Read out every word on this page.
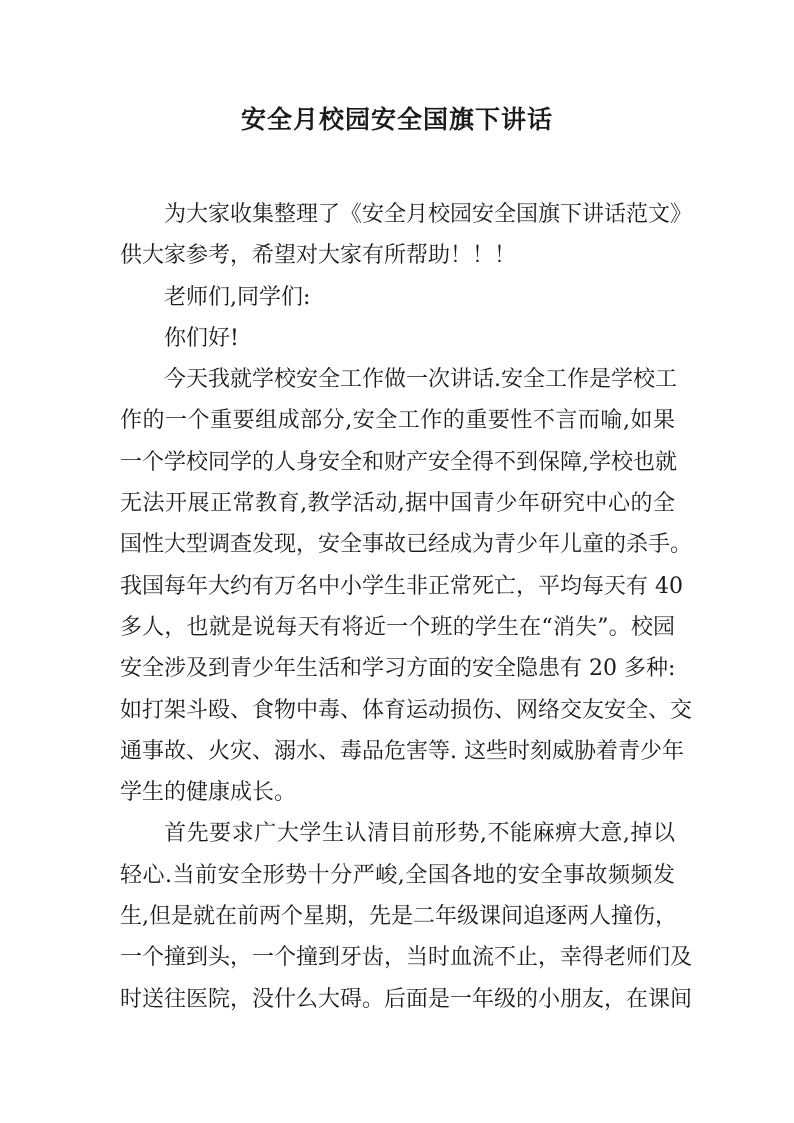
安全月校园安全国旗下讲话
为大家收集整理了《安全月校园安全国旗下讲话范文》
供大家参考，希望对大家有所帮助！！！
老师们,同学们:
你们好!
今天我就学校安全工作做一次讲话.安全工作是学校工
作的一个重要组成部分,安全工作的重要性不言而喻,如果
一个学校同学的人身安全和财产安全得不到保障,学校也就
无法开展正常教育,教学活动,据中国青少年研究中心的全
国性大型调查发现，安全事故已经成为青少年儿童的杀手。
我国每年大约有万名中小学生非正常死亡，平均每天有 40
多人，也就是说每天有将近一个班的学生在“消失”。校园
安全涉及到青少年生活和学习方面的安全隐患有 20 多种:
如打架斗殴、食物中毒、体育运动损伤、网络交友安全、交
通事故、火灾、溺水、毒品危害等. 这些时刻威胁着青少年
学生的健康成长。
首先要求广大学生认清目前形势,不能麻痹大意,掉以
轻心.当前安全形势十分严峻,全国各地的安全事故频频发
生,但是就在前两个星期，先是二年级课间追逐两人撞伤，
一个撞到头，一个撞到牙齿，当时血流不止，幸得老师们及
时送往医院，没什么大碍。后面是一年级的小朋友，在课间
